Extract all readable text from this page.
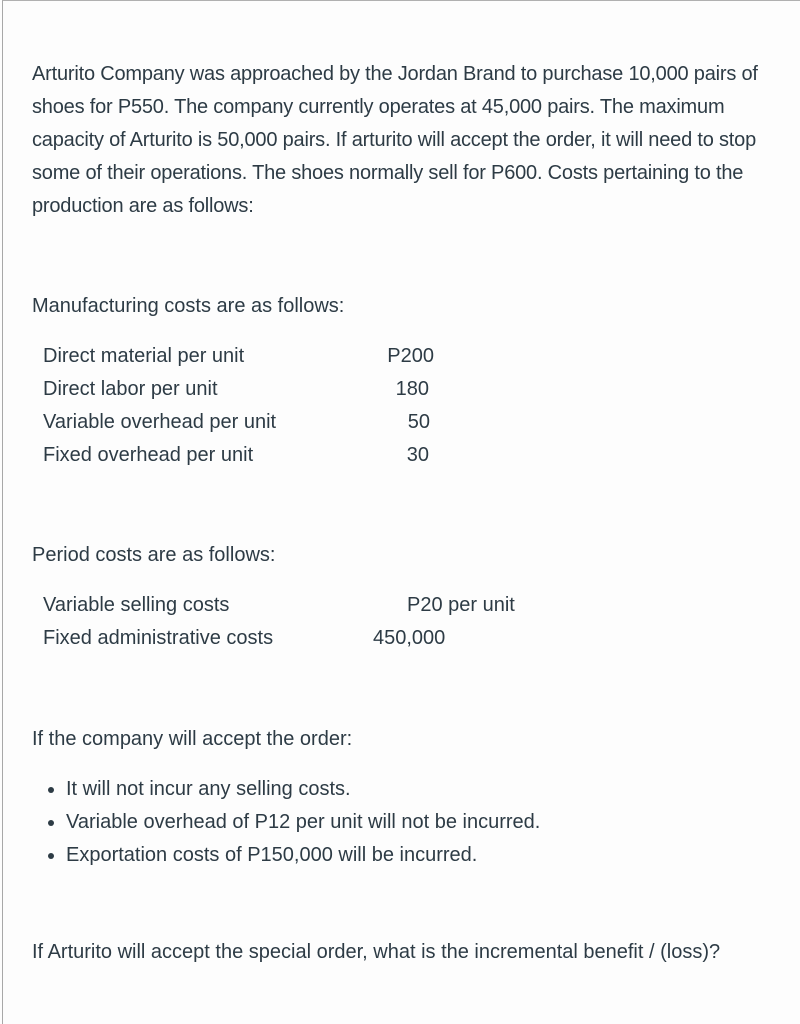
Arturito Company was approached by the Jordan Brand to purchase 10,000 pairs of shoes for P550. The company currently operates at 45,000 pairs. The maximum capacity of Arturito is 50,000 pairs. If arturito will accept the order, it will need to stop some of their operations. The shoes normally sell for P600. Costs pertaining to the production are as follows:

Manufacturing costs are as follows:

Direct material per unit	P200
Direct labor per unit	180
Variable overhead per unit	50
Fixed overhead per unit	30

Period costs are as follows:

Variable selling costs	P20 per unit
Fixed administrative costs	450,000

If the company will accept the order:

• It will not incur any selling costs.
• Variable overhead of P12 per unit will not be incurred.
• Exportation costs of P150,000 will be incurred.

If Arturito will accept the special order, what is the incremental benefit / (loss)?
